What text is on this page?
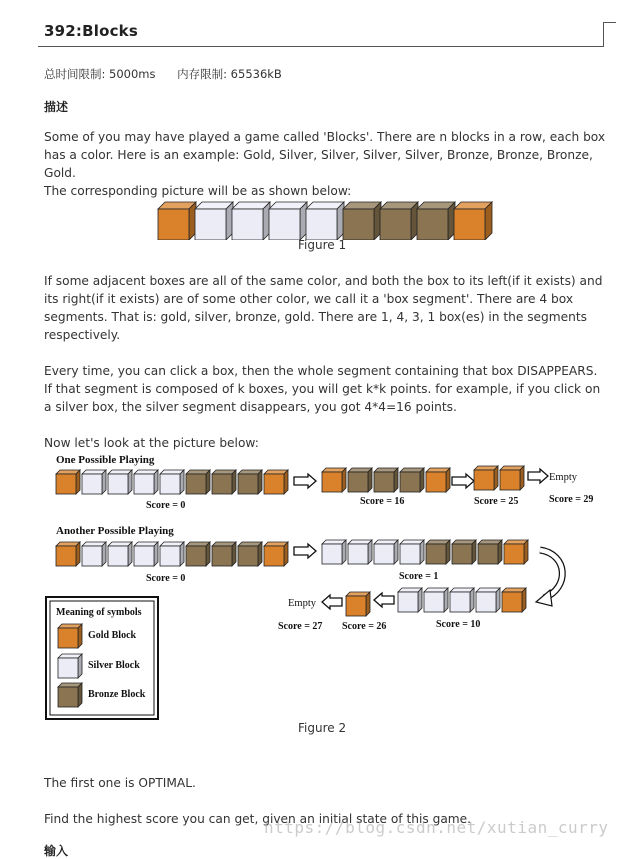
392:Blocks
总时间限制: 5000ms 内存限制: 65536kB
描述

Some of you may have played a game called 'Blocks'. There are n blocks in a row, each box has a color. Here is an example: Gold, Silver, Silver, Silver, Silver, Bronze, Bronze, Bronze, Gold.

The corresponding picture will be as shown below:

Figure 1

If some adjacent boxes are all of the same color, and both the box to its left(if it exists) and its right(if it exists) are of some other color, we call it a 'box segment'. There are 4 box segments. That is: gold, silver, bronze, gold. There are 1, 4, 3, 1 box(es) in the segments respectively.

Every time, you can click a box, then the whole segment containing that box DISAPPEARS. If that segment is composed of k boxes, you will get k*k points. for example, if you click on a silver box, the silver segment disappears, you got 4*4=16 points.

Now let's look at the picture below:

One Possible Playing
Another Possible Playing
Score = 0	Score = 16	Score = 25	Score = 29
Empty
Score = 0	Score = 1
Score = 10
Score = 26
Score = 27
Empty
Meaning of symbols
Gold Block
Silver Block
Bronze Block
Figure 2

The first one is OPTIMAL.

Find the highest score you can get, given an initial state of this game.

https://blog.csdn.net/xutian_curry
输入
